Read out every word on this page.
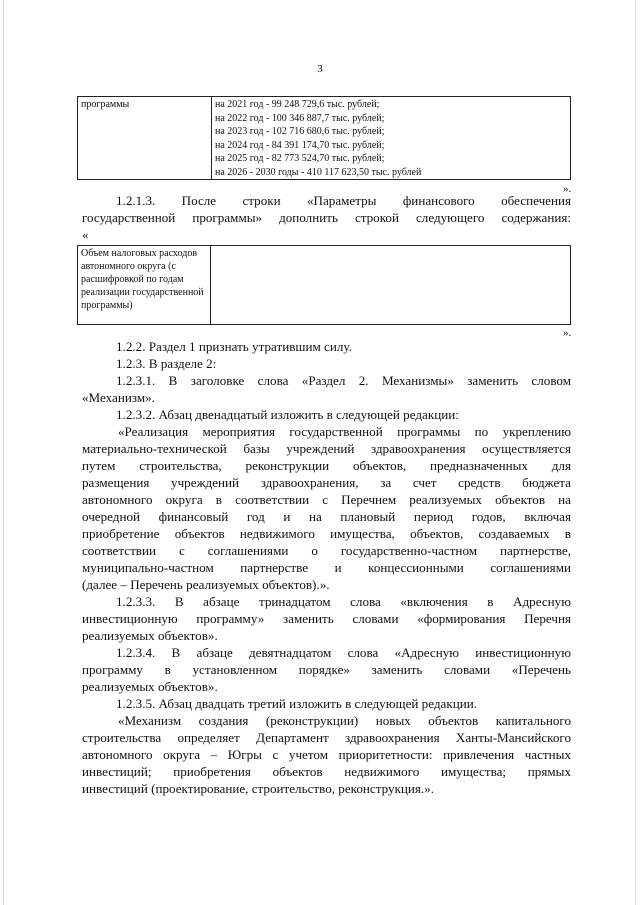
3
программы	на 2021 год - 99 248 729,6 тыс. рублей;
на 2022 год - 100 346 887,7 тыс. рублей;
на 2023 год - 102 716 680,6 тыс. рублей;
на 2024 год - 84 391 174,70 тыс. рублей;
на 2025 год - 82 773 524,70 тыс. рублей;
на 2026 - 2030 годы - 410 117 623,50 тыс. рублей
».
1.2.1.3. После строки «Параметры финансового обеспечения
государственной программы» дополнить строкой следующего содержания:
«
Объем налоговых расходов автономного округа (с расшифровкой по годам реализации государственной программы)	
».
1.2.2. Раздел 1 признать утратившим силу.
1.2.3. В разделе 2:
1.2.3.1. В заголовке слова «Раздел 2. Механизмы» заменить словом
«Механизм».
1.2.3.2. Абзац двенадцатый изложить в следующей редакции:
«Реализация мероприятия государственной программы по укреплению
материально-технической базы учреждений здравоохранения осуществляется
путем строительства, реконструкции объектов, предназначенных для
размещения учреждений здравоохранения, за счет средств бюджета
автономного округа в соответствии с Перечнем реализуемых объектов на
очередной финансовый год и на плановый период годов, включая
приобретение объектов недвижимого имущества, объектов, создаваемых в
соответствии с соглашениями о государственно-частном партнерстве,
муниципально-частном партнерстве и концессионными соглашениями
(далее – Перечень реализуемых объектов).».
1.2.3.3. В абзаце тринадцатом слова «включения в Адресную
инвестиционную программу» заменить словами «формирования Перечня
реализуемых объектов».
1.2.3.4. В абзаце девятнадцатом слова «Адресную инвестиционную
программу в установленном порядке» заменить словами «Перечень
реализуемых объектов».
1.2.3.5. Абзац двадцать третий изложить в следующей редакции.
«Механизм создания (реконструкции) новых объектов капитального
строительства определяет Департамент здравоохранения Ханты-Мансийского
автономного округа – Югры с учетом приоритетности: привлечения частных
инвестиций; приобретения объектов недвижимого имущества; прямых
инвестиций (проектирование, строительство, реконструкция.».
